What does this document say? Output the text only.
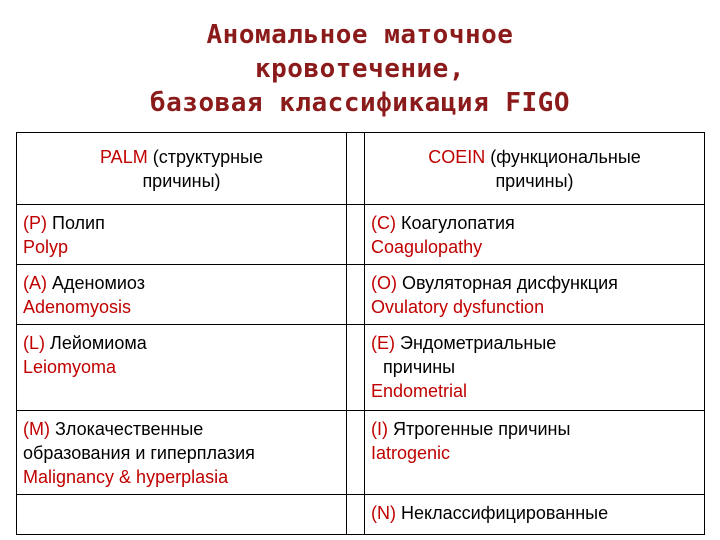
Аномальное маточное
кровотечение,
базовая классификация FIGO
PALM (структурные
причины)		COEIN (функциональные
причины)

(P) Полип
Polyp		(C) Коагулопатия
Coagulopathy

(A) Аденомиоз
Adenomyosis		(O) Овуляторная дисфункция
Ovulatory dysfunction

(L) Лейомиома
Leiomyoma		(E) Эндометриальные
причины
Endometrial

(M) Злокачественные
образования и гиперплазия
Malignancy & hyperplasia		(I) Ятрогенные причины
Iatrogenic

		(N) Неклассифицированные
